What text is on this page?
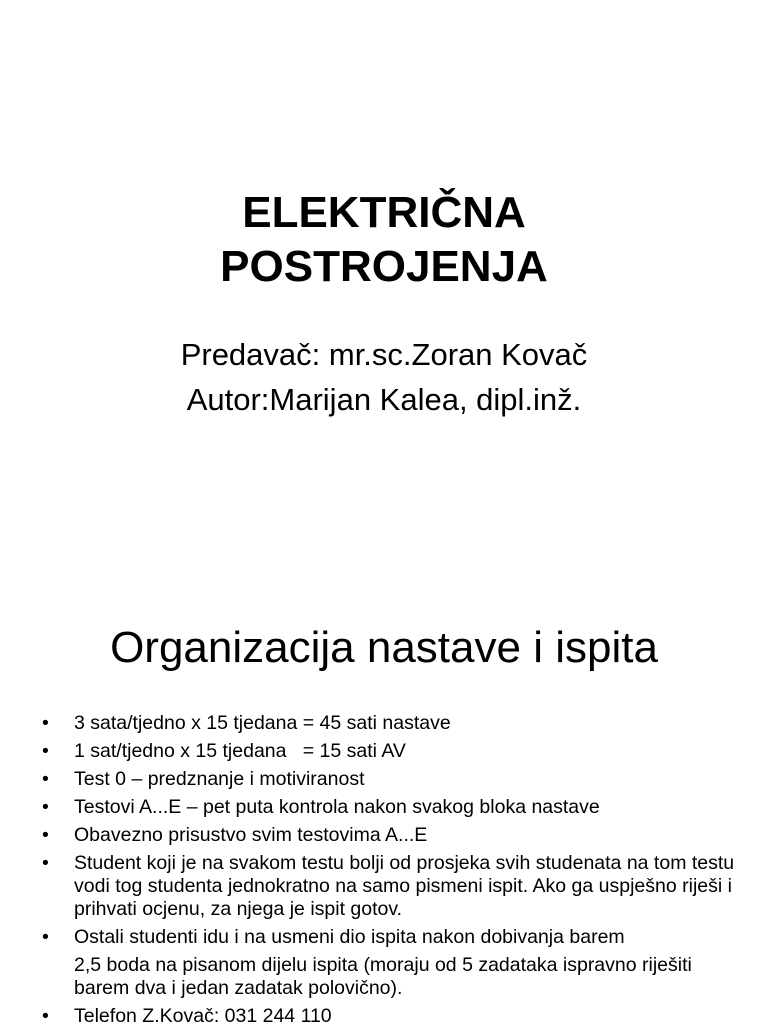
ELEKTRIČNA
POSTROJENJA
Predavač: mr.sc.Zoran Kovač
Autor:Marijan Kalea, dipl.inž.
Organizacija nastave i ispita
•	3 sata/tjedno x 15 tjedana = 45 sati nastave
•	1 sat/tjedno x 15 tjedana   = 15 sati AV
•	Test 0 – predznanje i motiviranost
•	Testovi A...E – pet puta kontrola nakon svakog bloka nastave
•	Obavezno prisustvo svim testovima A...E
•	Student koji je na svakom testu bolji od prosjeka svih studenata na tom testu vodi tog studenta jednokratno na samo pismeni ispit. Ako ga uspješno riješi i prihvati ocjenu, za njega je ispit gotov.
•	Ostali studenti idu i na usmeni dio ispita nakon dobivanja barem
2,5 boda na pisanom dijelu ispita (moraju od 5 zadataka ispravno riješiti barem dva i jedan zadatak polovično).
•	Telefon Z.Kovač: 031 244 110
